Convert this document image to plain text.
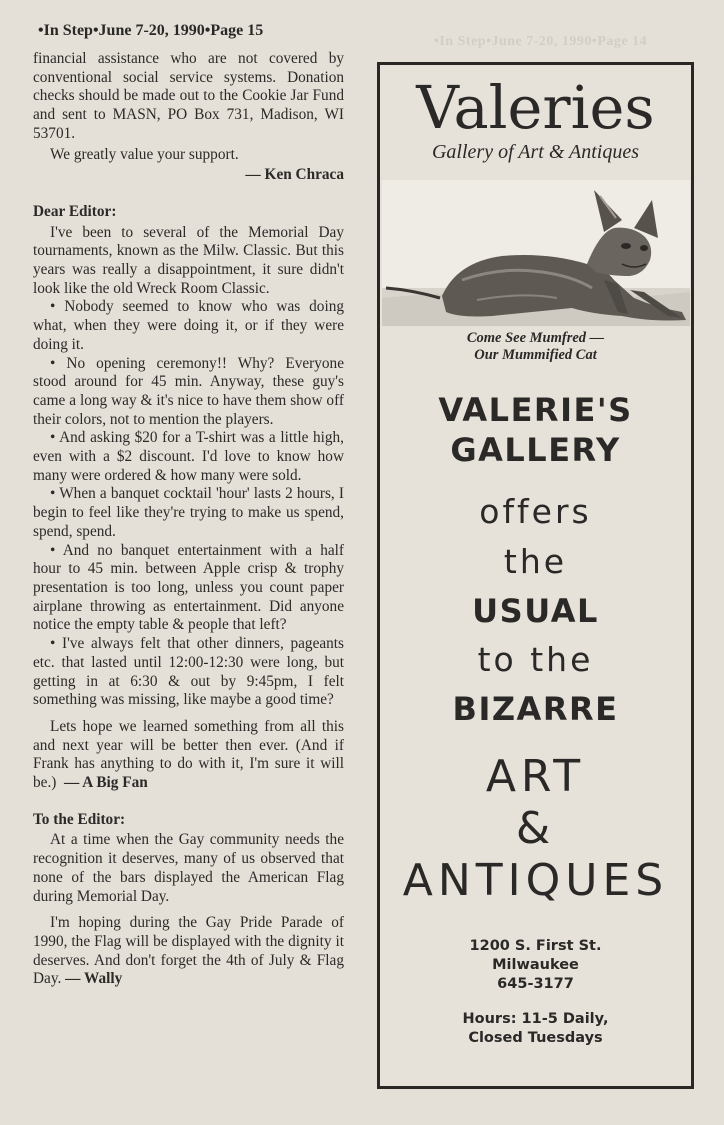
•In Step•June 7-20, 1990•Page 14
•In Step•June 7-20, 1990•Page 15

financial assistance who are not covered by conventional social service systems. Donation checks should be made out to the Cookie Jar Fund and sent to MASN, PO Box 731, Madison, WI 53701.

We greatly value your support.

— Ken Chraca

Dear Editor:

I've been to several of the Memorial Day tournaments, known as the Milw. Classic. But this years was really a disappointment, it sure didn't look like the old Wreck Room Classic.

• Nobody seemed to know who was doing what, when they were doing it, or if they were doing it.

• No opening ceremony!! Why? Everyone stood around for 45 min. Anyway, these guy's came a long way & it's nice to have them show off their colors, not to mention the players.

• And asking $20 for a T-shirt was a little high, even with a $2 discount. I'd love to know how many were ordered & how many were sold.

• When a banquet cocktail 'hour' lasts 2 hours, I begin to feel like they're trying to make us spend, spend, spend.

• And no banquet entertainment with a half hour to 45 min. between Apple crisp & trophy presentation is too long, unless you count paper airplane throwing as entertainment. Did anyone notice the empty table & people that left?

• I've always felt that other dinners, pageants etc. that lasted until 12:00-12:30 were long, but getting in at 6:30 & out by 9:45pm, I felt something was missing, like maybe a good time?

Lets hope we learned something from all this and next year will be better then ever. (And if Frank has anything to do with it, I'm sure it will be.) — A Big Fan

To the Editor:

At a time when the Gay community needs the recognition it deserves, many of us observed that none of the bars displayed the American Flag during Memorial Day.

I'm hoping during the Gay Pride Parade of 1990, the Flag will be displayed with the dignity it deserves. And don't forget the 4th of July & Flag Day. — Wally

Valeries
Gallery of Art & Antiques
Come See Mumfred —
Our Mummified Cat
VALERIE'S
GALLERY
offers
the
USUAL
to the
BIZARRE
ART
&
ANTIQUES
1200 S. First St.
Milwaukee
645-3177
Hours: 11-5 Daily,
Closed Tuesdays
